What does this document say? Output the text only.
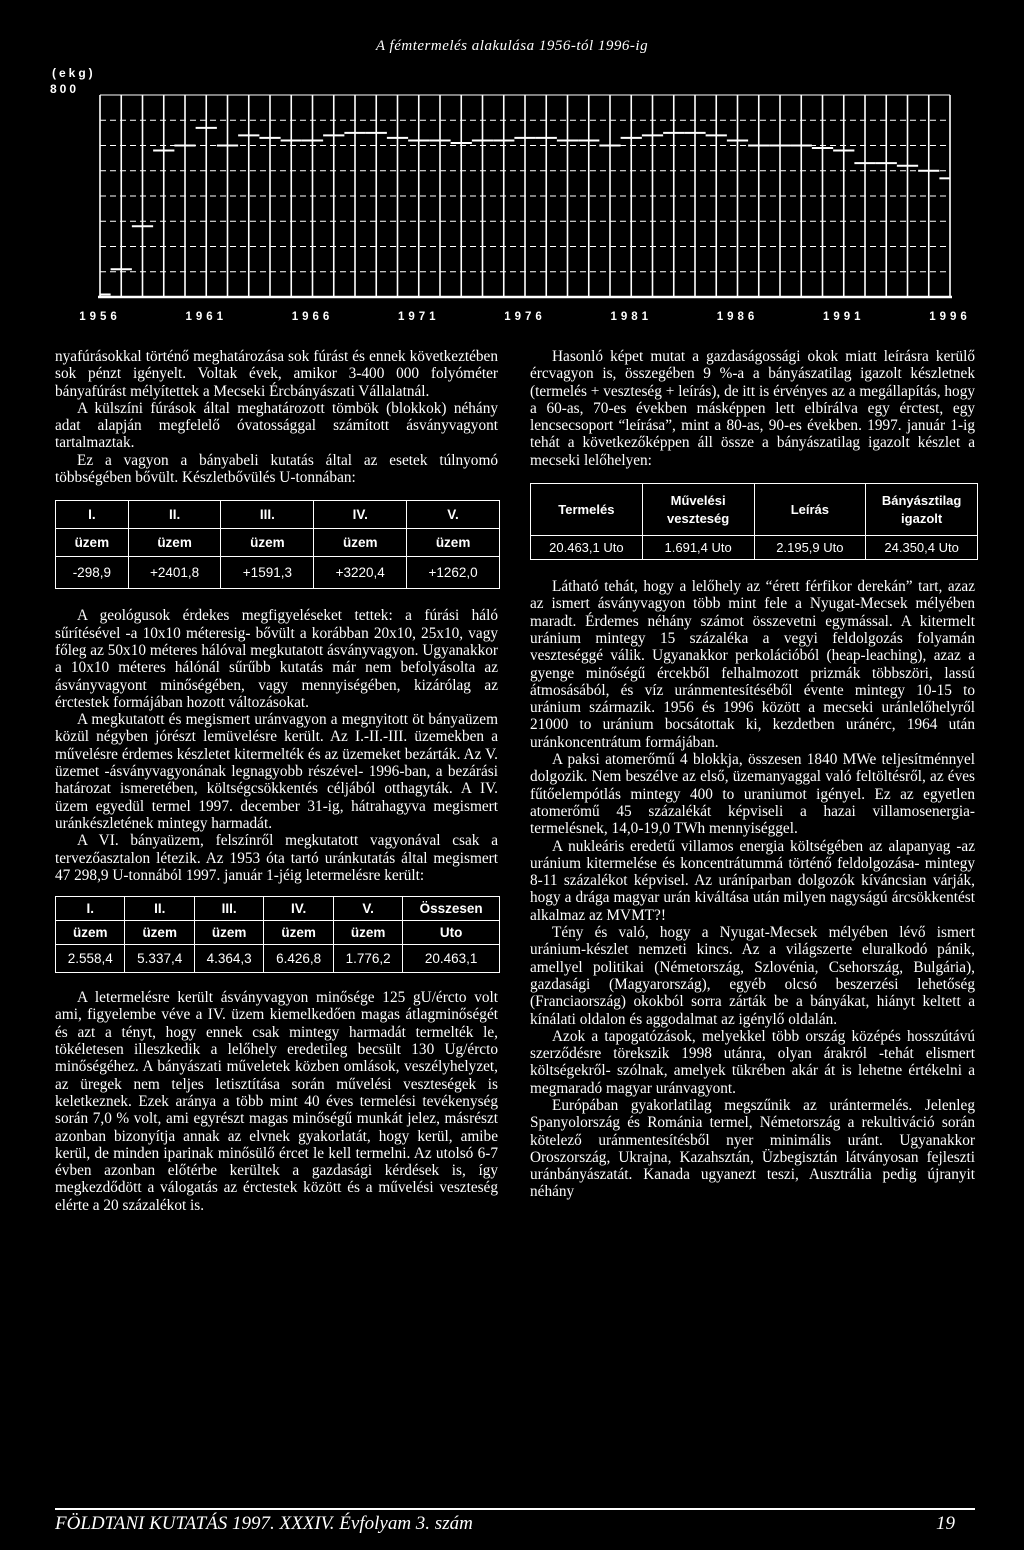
A fémtermelés alakulása 1956-tól 1996-ig
1956	1961	1966	1971	1976	1981	1986	1991	1996
(ekg)
800

nyafúrásokkal történő meghatározása sok fúrást és ennek következtében sok pénzt igényelt. Voltak évek, amikor 3-400 000 folyóméter bányafúrást mélyítettek a Mecseki Ércbányászati Vállalatnál.

A külszíni fúrások által meghatározott tömbök (blokkok) néhány adat alapján megfelelő óvatossággal számított ásványvagyont tartalmaztak.

Ez a vagyon a bányabeli kutatás által az esetek túlnyomó többségében bővült. Készletbővülés U-tonnában:

I.	II.	III.	IV.	V.
üzem	üzem	üzem	üzem	üzem
-298,9	+2401,8	+1591,3	+3220,4	+1262,0

A geológusok érdekes megfigyeléseket tettek: a fúrási háló sűrítésével -a 10x10 méteresig- bővült a korábban 20x10, 25x10, vagy főleg az 50x10 méteres hálóval megkutatott ásványvagyon. Ugyanakkor a 10x10 méteres hálónál sűrűbb kutatás már nem befolyásolta az ásványvagyont minőségében, vagy mennyiségében, kizárólag az érctestek formájában hozott változásokat.

A megkutatott és megismert uránvagyon a megnyitott öt bányaüzem közül négyben jórészt lemüvelésre került. Az I.-II.-III. üzemekben a művelésre érdemes készletet kitermelték és az üzemeket bezárták. Az V. üzemet -ásványvagyonának legnagyobb részével- 1996-ban, a bezárási határozat ismeretében, költségcsökkentés céljából otthagyták. A IV. üzem egyedül termel 1997. december 31-ig, hátrahagyva megismert uránkészletének mintegy harmadát.

A VI. bányaüzem, felszínről megkutatott vagyonával csak a tervezőasztalon létezik. Az 1953 óta tartó uránkutatás által megismert 47 298,9 U-tonnából 1997. január 1-jéig letermelésre került:

I.	II.	III.	IV.	V.	Összesen
üzem	üzem	üzem	üzem	üzem	Uto
2.558,4	5.337,4	4.364,3	6.426,8	1.776,2	20.463,1

A letermelésre került ásványvagyon minősége 125 gU/ércto volt ami, figyelembe véve a IV. üzem kiemelkedően magas átlagminőségét és azt a tényt, hogy ennek csak mintegy harmadát termelték le, tökéletesen illeszkedik a lelőhely eredetileg becsült 130 Ug/ércto minőségéhez. A bányászati műveletek közben omlások, veszélyhelyzet, az üregek nem teljes letisztítása során művelési veszteségek is keletkeznek. Ezek aránya a több mint 40 éves termelési tevékenység során 7,0 % volt, ami egyrészt magas minőségű munkát jelez, másrészt azonban bizonyítja annak az elvnek gyakorlatát, hogy kerül, amibe kerül, de minden iparinak minősülő ércet le kell termelni. Az utolsó 6-7 évben azonban előtérbe kerültek a gazdasági kérdések is, így megkezdődött a válogatás az érctestek között és a művelési veszteség elérte a 20 százalékot is.

Hasonló képet mutat a gazdaságossági okok miatt leírásra kerülő ércvagyon is, összegében 9 %-a a bányászatilag igazolt készletnek (termelés + veszteség + leírás), de itt is érvényes az a megállapítás, hogy a 60-as, 70-es években másképpen lett elbírálva egy érctest, egy lencsecsoport “leírása”, mint a 80-as, 90-es években. 1997. január 1-ig tehát a következőképpen áll össze a bányászatilag igazolt készlet a mecseki lelőhelyen:

Termelés	Művelési veszteség	Leírás	Bányásztilag igazolt
20.463,1 Uto	1.691,4 Uto	2.195,9 Uto	24.350,4 Uto

Látható tehát, hogy a lelőhely az “érett férfikor derekán” tart, azaz az ismert ásványvagyon több mint fele a Nyugat-Mecsek mélyében maradt. Érdemes néhány számot összevetni egymással. A kitermelt uránium mintegy 15 százaléka a vegyi feldolgozás folyamán veszteséggé válik. Ugyanakkor perkolációból (heap-leaching), azaz a gyenge minőségű ércekből felhalmozott prizmák többszöri, lassú átmosásából, és víz uránmentesítéséből évente mintegy 10-15 to uránium származik. 1956 és 1996 között a mecseki uránlelőhelyről 21000 to uránium bocsátottak ki, kezdetben uránérc, 1964 után uránkoncentrátum formájában.

A paksi atomerőmű 4 blokkja, összesen 1840 MWe teljesítménnyel dolgozik. Nem beszélve az első, üzemanyaggal való feltöltésről, az éves fűtőelempótlás mintegy 400 to uraniumot igényel. Ez az egyetlen atomerőmű 45 százalékát képviseli a hazai villamosenergia-termelésnek, 14,0-19,0 TWh mennyiséggel.

A nukleáris eredetű villamos energia költségében az alapanyag -az uránium kitermelése és koncentrátummá történő feldolgozása- mintegy 8-11 százalékot képvisel. Az uráníparban dolgozók kíváncsian várják, hogy a drága magyar urán kiváltása után milyen nagyságú árcsökkentést alkalmaz az MVMT?!

Tény és való, hogy a Nyugat-Mecsek mélyében lévő ismert uránium-készlet nemzeti kincs. Az a világszerte eluralkodó pánik, amellyel politikai (Németország, Szlovénia, Csehország, Bulgária), gazdasági (Magyarország), egyéb olcsó beszerzési lehetőség (Franciaország) okokból sorra zárták be a bányákat, hiányt keltett a kínálati oldalon és aggodalmat az igénylő oldalán.

Azok a tapogatózások, melyekkel több ország középés hosszútávú szerződésre törekszik 1998 utánra, olyan árakról -tehát elismert költségekről- szólnak, amelyek tükrében akár át is lehetne értékelni a megmaradó magyar uránvagyont.

Európában gyakorlatilag megszűnik az urántermelés. Jelenleg Spanyolország és Románia termel, Németország a rekultiváció során kötelező uránmentesítésből nyer minimális uránt. Ugyanakkor Oroszország, Ukrajna, Kazahsztán, Üzbegisztán látványosan fejleszti uránbányászatát. Kanada ugyanezt teszi, Ausztrália pedig újranyit néhány

FÖLDTANI KUTATÁS 1997. XXXIV. Évfolyam 3. szám	19
